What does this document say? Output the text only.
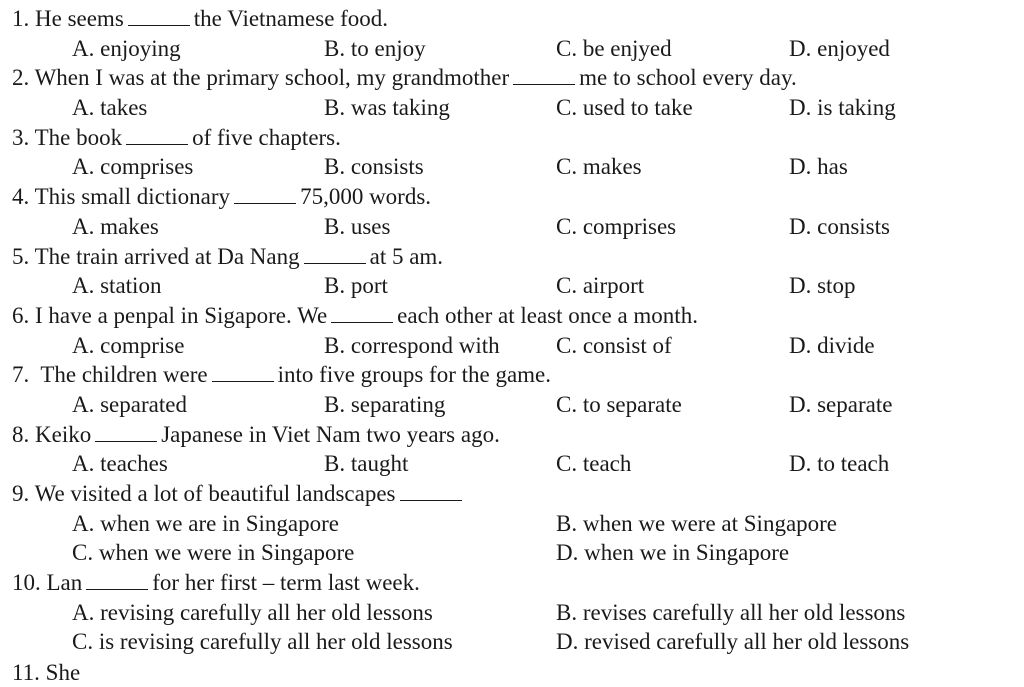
1. He seems	the Vietnamese food.
A. enjoying	B. to enjoy	C. be enjyed	D. enjoyed
2. When I was at the primary school, my grandmother	me to school every day.
A. takes	B. was taking	C. used to take	D. is taking
3. The book	of five chapters.
A. comprises	B. consists	C. makes	D. has
4. This small dictionary	75,000 words.
A. makes	B. uses	C. comprises	D. consists
5. The train arrived at Da Nang	at 5 am.
A. station	B. port	C. airport	D. stop
6. I have a penpal in Sigapore. We	each other at least once a month.
A. comprise	B. correspond with C. consist of	D. divide
7.  The children were	into five groups for the game.
A. separated	B. separating	C. to separate	D. separate
8. Keiko	Japanese in Viet Nam two years ago.
A. teaches	B. taught	C. teach	D. to teach
9. We visited a lot of beautiful landscapes
A. when we are in Singapore	B. when we were at Singapore
C. when we were in Singapore	D. when we in Singapore
10. Lan	for her first – term last week.
A. revising carefully all her old lessons	B. revises carefully all her old lessons
C. is revising carefully all her old lessons	D. revised carefully all her old lessons
11. She
